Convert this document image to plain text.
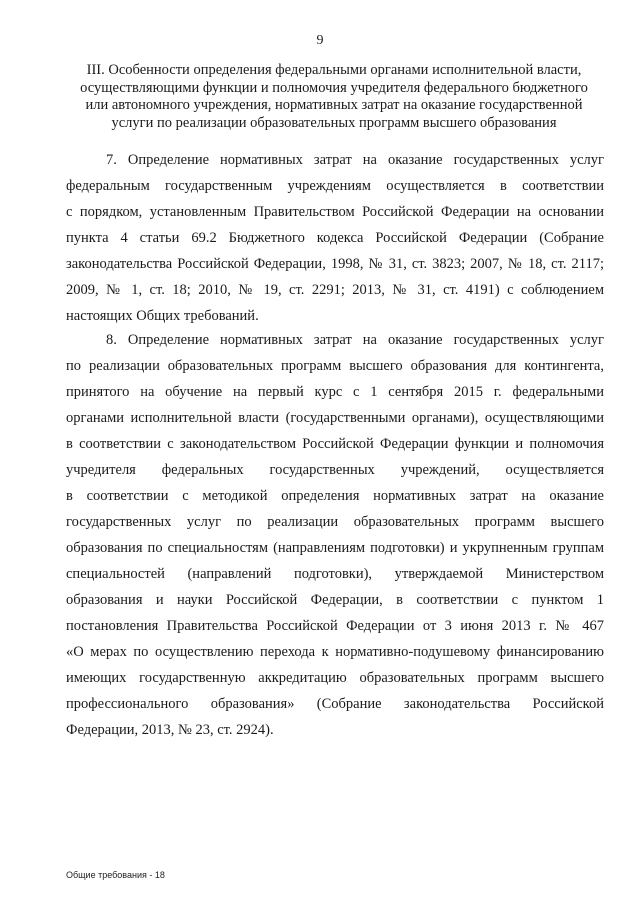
9
III. Особенности определения федеральными органами исполнительной власти,
осуществляющими функции и полномочия учредителя федерального бюджетного
или автономного учреждения, нормативных затрат на оказание государственной
услуги по реализации образовательных программ высшего образования
7. Определение нормативных затрат на оказание государственных услуг
федеральным государственным учреждениям осуществляется в соответствии
с порядком, установленным Правительством Российской Федерации на основании
пункта 4 статьи 69.2 Бюджетного кодекса Российской Федерации (Собрание
законодательства Российской Федерации, 1998, № 31, ст. 3823; 2007, № 18, ст. 2117;
2009, № 1, ст. 18; 2010, № 19, ст. 2291; 2013, № 31, ст. 4191) с соблюдением
настоящих Общих требований.
8. Определение нормативных затрат на оказание государственных услуг
по реализации образовательных программ высшего образования для контингента,
принятого на обучение на первый курс с 1 сентября 2015 г. федеральными
органами исполнительной власти (государственными органами), осуществляющими
в соответствии с законодательством Российской Федерации функции и полномочия
учредителя федеральных государственных учреждений, осуществляется
в соответствии с методикой определения нормативных затрат на оказание
государственных услуг по реализации образовательных программ высшего
образования по специальностям (направлениям подготовки) и укрупненным группам
специальностей (направлений подготовки), утверждаемой Министерством
образования и науки Российской Федерации, в соответствии с пунктом 1
постановления Правительства Российской Федерации от 3 июня 2013 г. № 467
«О мерах по осуществлению перехода к нормативно-подушевому финансированию
имеющих государственную аккредитацию образовательных программ высшего
профессионального образования» (Собрание законодательства Российской
Федерации, 2013, № 23, ст. 2924).
Общие требования - 18
